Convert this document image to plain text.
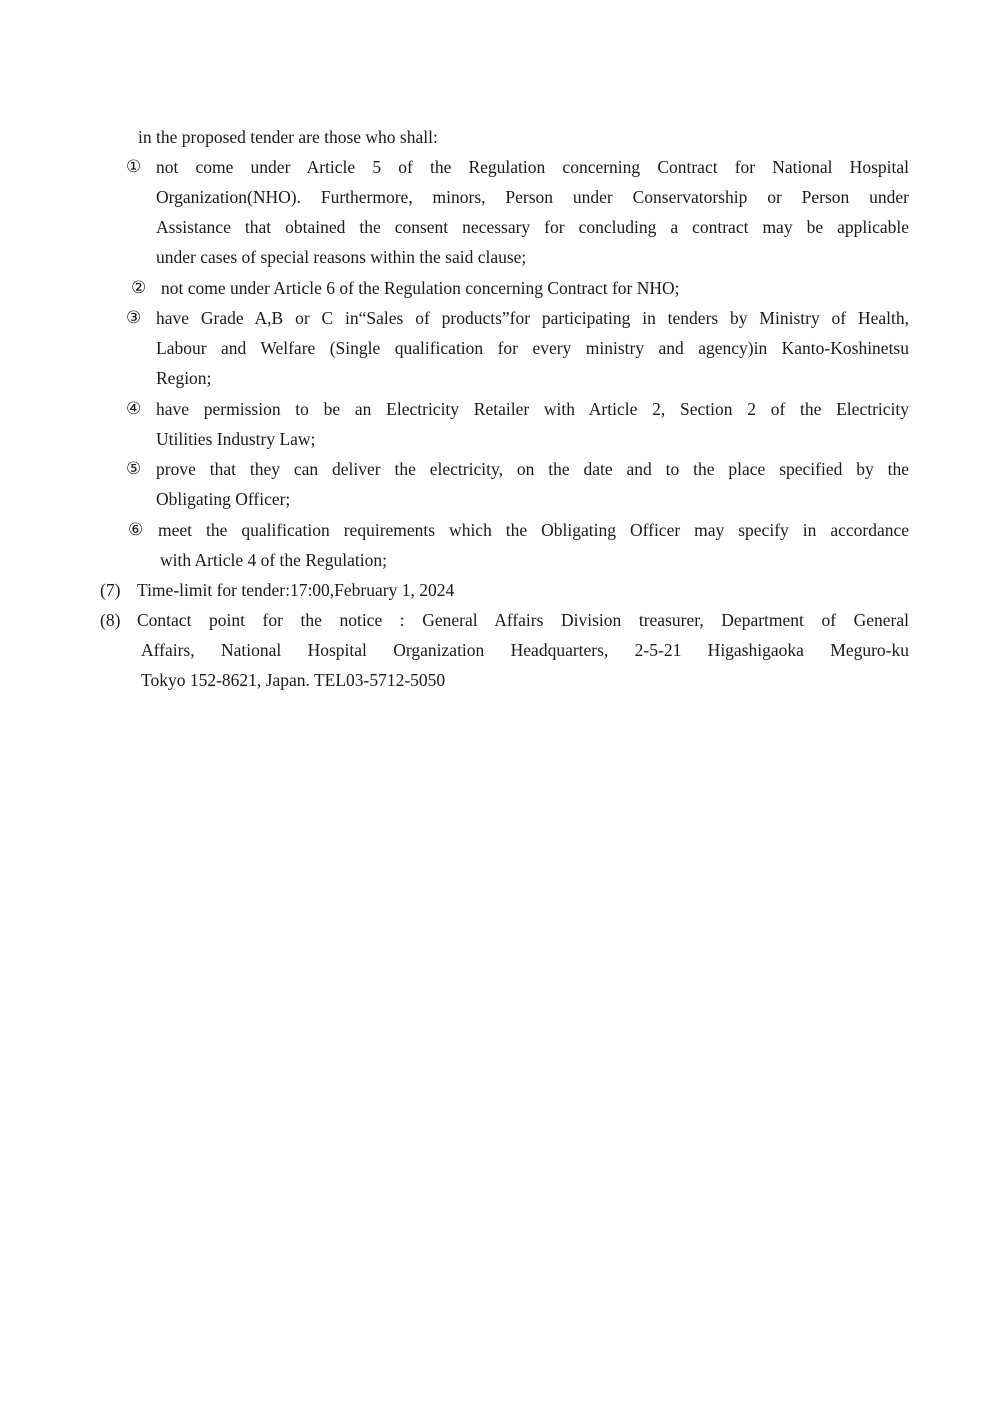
in the proposed tender are those who shall:
① not come under Article 5 of the Regulation concerning Contract for National Hospital
Organization(NHO). Furthermore, minors, Person under Conservatorship or Person under
Assistance that obtained the consent necessary for concluding a contract may be applicable
under cases of special reasons within the said clause;
② not come under Article 6 of the Regulation concerning Contract for NHO;
③ have Grade A,B or C in“Sales of products”for participating in tenders by Ministry of Health,
Labour and Welfare (Single qualification for every ministry and agency)in Kanto-Koshinetsu
Region;
④ have permission to be an Electricity Retailer with Article 2, Section 2 of the Electricity
Utilities Industry Law;
⑤ prove that they can deliver the electricity, on the date and to the place specified by the
Obligating Officer;
⑥ meet the qualification requirements which the Obligating Officer may specify in accordance
with Article 4 of the Regulation;
(7) Time-limit for tender:17:00,February 1, 2024
(8) Contact point for the notice : General Affairs Division treasurer, Department of General
Affairs, National Hospital Organization Headquarters, 2-5-21 Higashigaoka Meguro-ku
Tokyo 152-8621, Japan. TEL03-5712-5050
